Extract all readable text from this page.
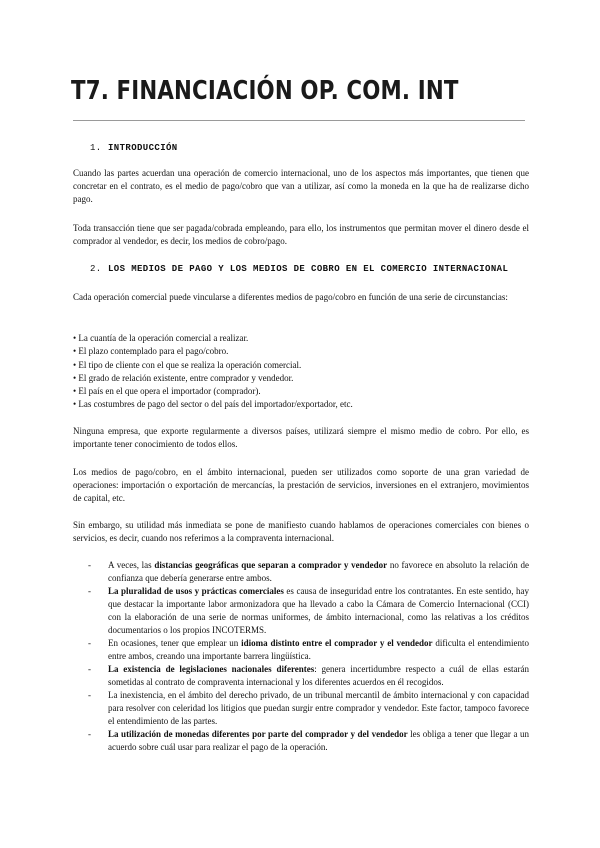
T7. FINANCIACIÓN OP. COM. INT
1. INTRODUCCIÓN
Cuando las partes acuerdan una operación de comercio internacional, uno de los aspectos más importantes, que tienen que concretar en el contrato, es el medio de pago/cobro que van a utilizar, así como la moneda en la que ha de realizarse dicho pago.
Toda transacción tiene que ser pagada/cobrada empleando, para ello, los instrumentos que permitan mover el dinero desde el comprador al vendedor, es decir, los medios de cobro/pago.
2. LOS MEDIOS DE PAGO Y LOS MEDIOS DE COBRO EN EL COMERCIO INTERNACIONAL
Cada operación comercial puede vincularse a diferentes medios de pago/cobro en función de una serie de circunstancias:
• La cuantía de la operación comercial a realizar.
• El plazo contemplado para el pago/cobro.
• El tipo de cliente con el que se realiza la operación comercial.
• El grado de relación existente, entre comprador y vendedor.
• El país en el que opera el importador (comprador).
• Las costumbres de pago del sector o del país del importador/exportador, etc.
Ninguna empresa, que exporte regularmente a diversos países, utilizará siempre el mismo medio de cobro. Por ello, es importante tener conocimiento de todos ellos.
Los medios de pago/cobro, en el ámbito internacional, pueden ser utilizados como soporte de una gran variedad de operaciones: importación o exportación de mercancías, la prestación de servicios, inversiones en el extranjero, movimientos de capital, etc.
Sin embargo, su utilidad más inmediata se pone de manifiesto cuando hablamos de operaciones comerciales con bienes o servicios, es decir, cuando nos referimos a la compraventa internacional.
- A veces, las distancias geográficas que separan a comprador y vendedor no favorece en absoluto la relación de confianza que debería generarse entre ambos.
- La pluralidad de usos y prácticas comerciales es causa de inseguridad entre los contratantes. En este sentido, hay que destacar la importante labor armonizadora que ha llevado a cabo la Cámara de Comercio Internacional (CCI) con la elaboración de una serie de normas uniformes, de ámbito internacional, como las relativas a los créditos documentarios o los propios INCOTERMS.
- En ocasiones, tener que emplear un idioma distinto entre el comprador y el vendedor dificulta el entendimiento entre ambos, creando una importante barrera lingüística.
- La existencia de legislaciones nacionales diferentes: genera incertidumbre respecto a cuál de ellas estarán sometidas al contrato de compraventa internacional y los diferentes acuerdos en él recogidos.
- La inexistencia, en el ámbito del derecho privado, de un tribunal mercantil de ámbito internacional y con capacidad para resolver con celeridad los litigios que puedan surgir entre comprador y vendedor. Este factor, tampoco favorece el entendimiento de las partes.
- La utilización de monedas diferentes por parte del comprador y del vendedor les obliga a tener que llegar a un acuerdo sobre cuál usar para realizar el pago de la operación.
